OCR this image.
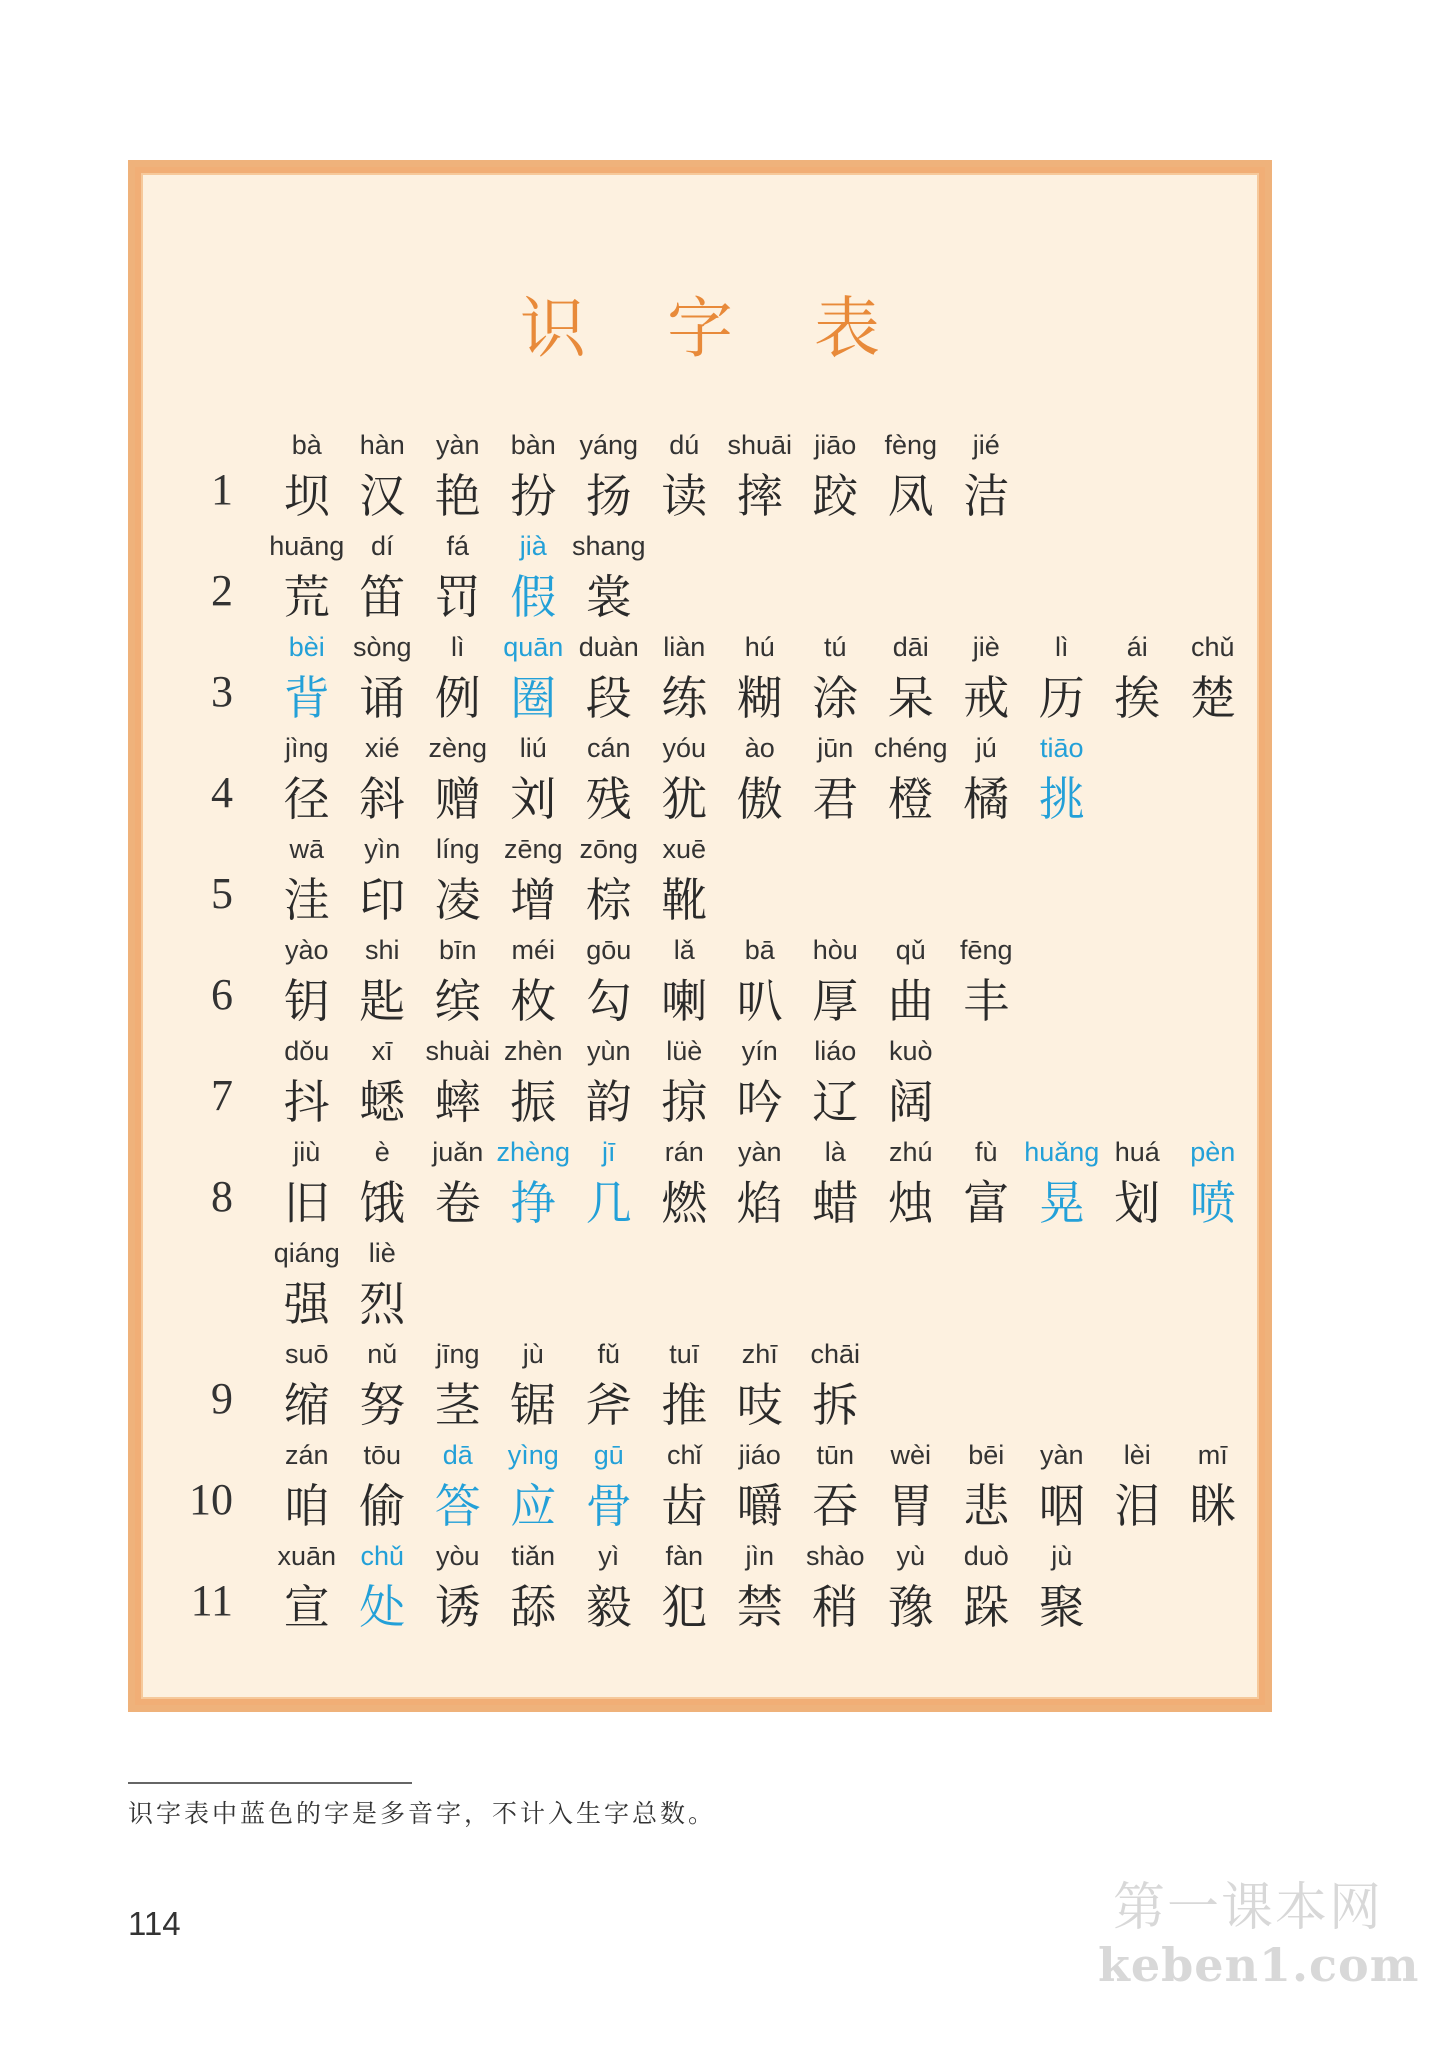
识 字 表
1
bà
坝
hàn
汉
yàn
艳
bàn
扮
yáng
扬
dú
读
shuāi
摔
jiāo
跤
fèng
凤
jié
洁
2
huāng
荒
dí
笛
fá
罚
jià
假
shang
裳
3
bèi
背
sòng
诵
lì
例
quān
圈
duàn
段
liàn
练
hú
糊
tú
涂
dāi
呆
jiè
戒
lì
历
ái
挨
chǔ
楚
4
jìng
径
xié
斜
zèng
赠
liú
刘
cán
残
yóu
犹
ào
傲
jūn
君
chéng
橙
jú
橘
tiāo
挑
5
wā
洼
yìn
印
líng
凌
zēng
增
zōng
棕
xuē
靴
6
yào
钥
shi
匙
bīn
缤
méi
枚
gōu
勾
lǎ
喇
bā
叭
hòu
厚
qǔ
曲
fēng
丰
7
dǒu
抖
xī
蟋
shuài
蟀
zhèn
振
yùn
韵
lüè
掠
yín
吟
liáo
辽
kuò
阔
8
jiù
旧
è
饿
juǎn
卷
zhèng
挣
jī
几
rán
燃
yàn
焰
là
蜡
zhú
烛
fù
富
huǎng
晃
huá
划
pèn
喷
qiáng
强
liè
烈
9
suō
缩
nǔ
努
jīng
茎
jù
锯
fǔ
斧
tuī
推
zhī
吱
chāi
拆
10
zán
咱
tōu
偷
dā
答
yìng
应
gū
骨
chǐ
齿
jiáo
嚼
tūn
吞
wèi
胃
bēi
悲
yàn
咽
lèi
泪
mī
眯
11
xuān
宣
chǔ
处
yòu
诱
tiǎn
舔
yì
毅
fàn
犯
jìn
禁
shào
稍
yù
豫
duò
跺
jù
聚
识字表中蓝色的字是多音字，不计入生字总数。
114	第一课本网
keben1.com
